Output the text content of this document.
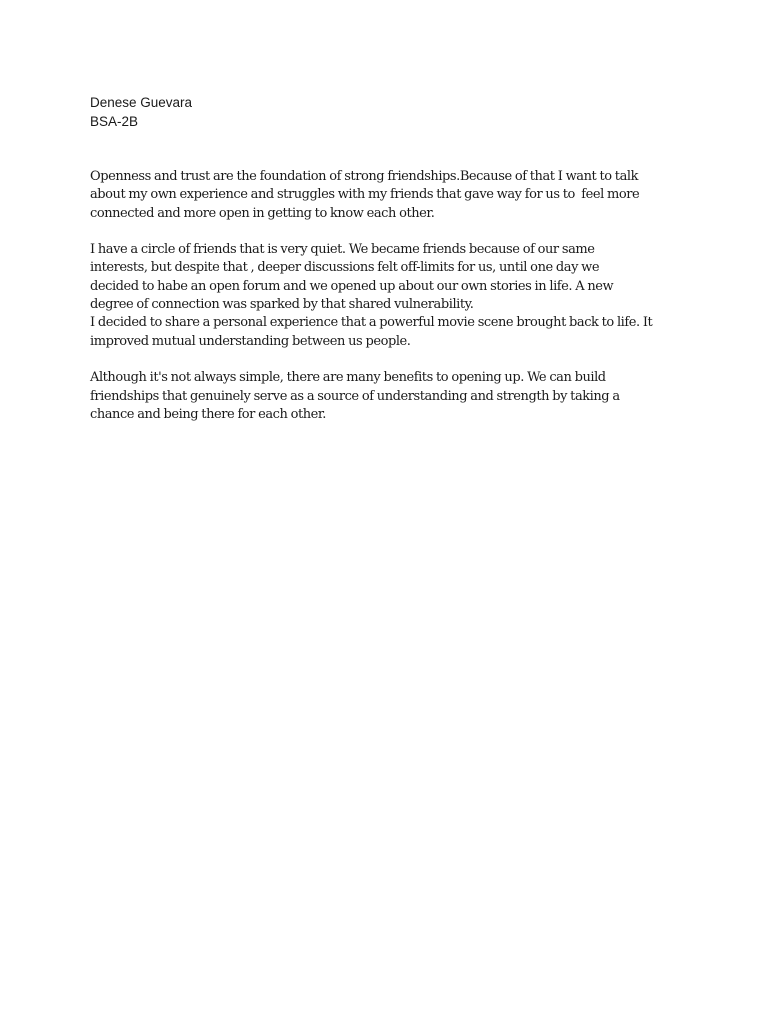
Denese Guevara
BSA-2B
Openness and trust are the foundation of strong friendships.Because of that I want to talk
about my own experience and struggles with my friends that gave way for us to  feel more
connected and more open in getting to know each other.
I have a circle of friends that is very quiet. We became friends because of our same
interests, but despite that , deeper discussions felt off-limits for us, until one day we
decided to habe an open forum and we opened up about our own stories in life. A new
degree of connection was sparked by that shared vulnerability.
I decided to share a personal experience that a powerful movie scene brought back to life. It
improved mutual understanding between us people.
Although it's not always simple, there are many benefits to opening up. We can build
friendships that genuinely serve as a source of understanding and strength by taking a
chance and being there for each other.
